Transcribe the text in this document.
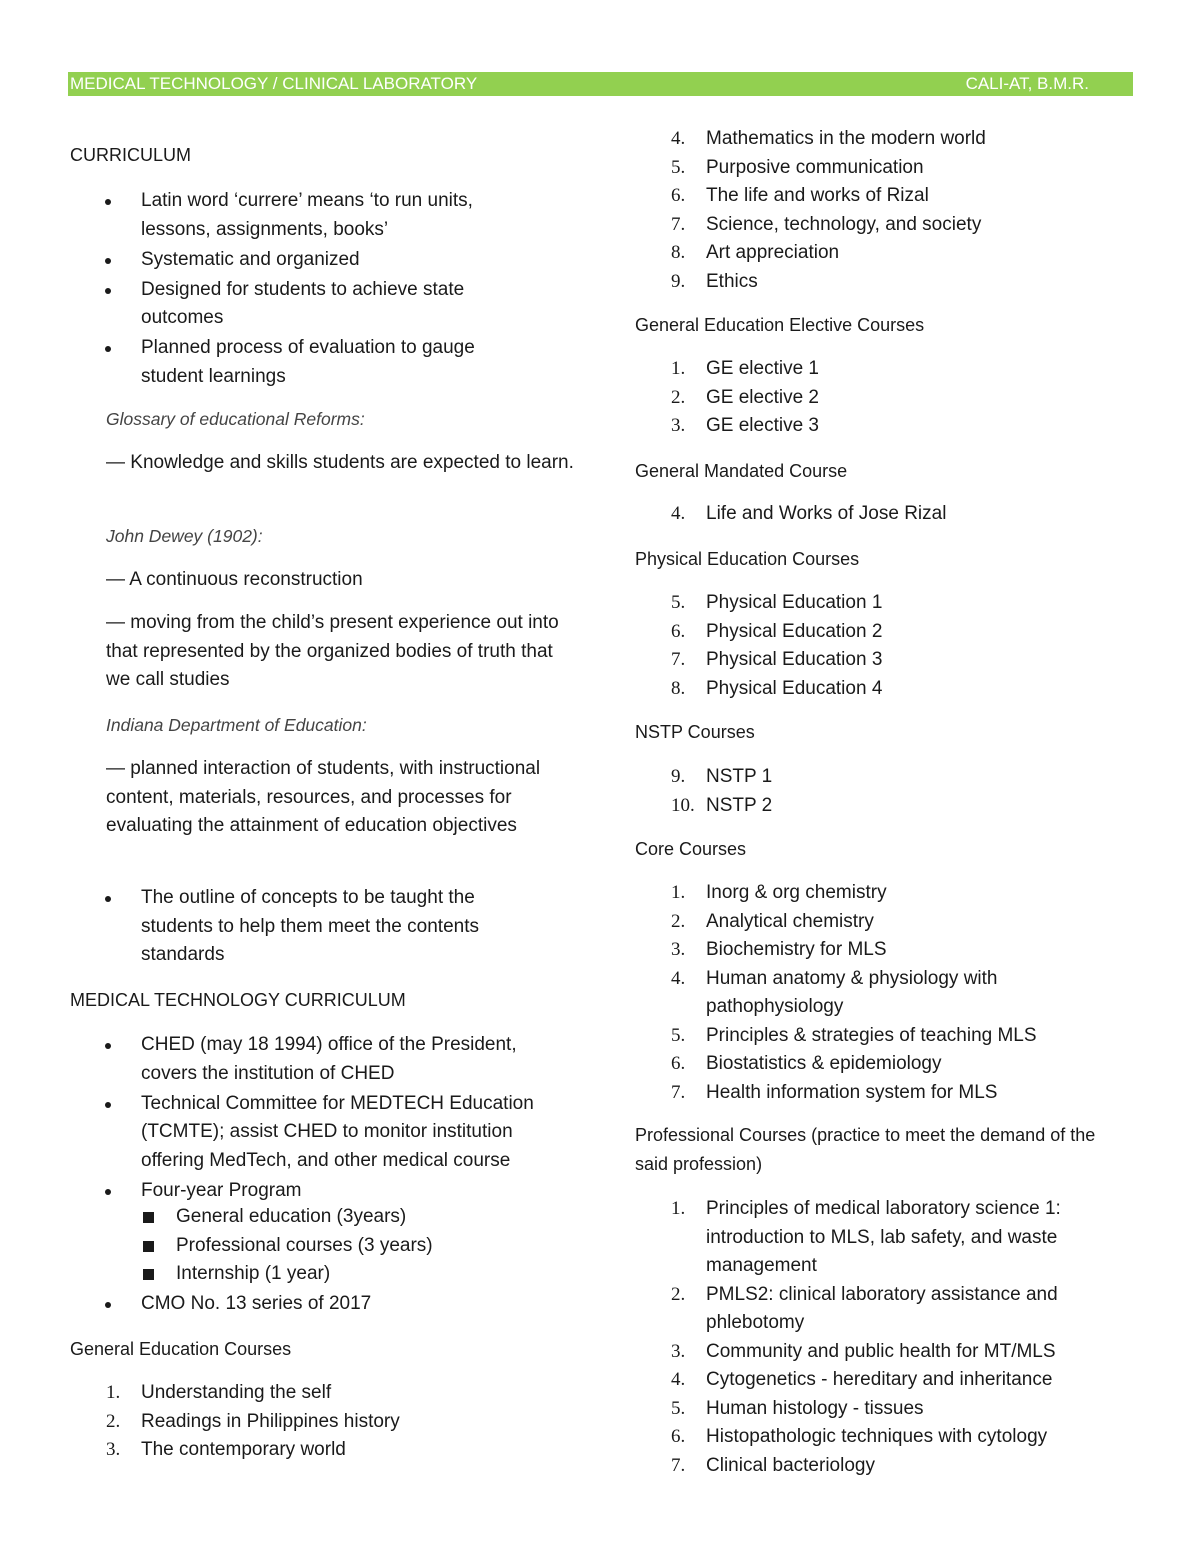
MEDICAL TECHNOLOGY / CLINICAL LABORATORY	CALI-AT, B.M.R.
CURRICULUM
Latin word ‘currere’ means ‘to run units, lessons, assignments, books’
Systematic and organized
Designed for students to achieve state outcomes
Planned process of evaluation to gauge student learnings
Glossary of educational Reforms:
— Knowledge and skills students are expected to learn.
John Dewey (1902):
— A continuous reconstruction
— moving from the child’s present experience out into that represented by the organized bodies of truth that we call studies
Indiana Department of Education:
— planned interaction of students, with instructional content, materials, resources, and processes for evaluating the attainment of education objectives
The outline of concepts to be taught the students to help them meet the contents standards
MEDICAL TECHNOLOGY CURRICULUM
CHED (may 18 1994) office of the President, covers the institution of CHED
Technical Committee for MEDTECH Education (TCMTE); assist CHED to monitor institution offering MedTech, and other medical course
Four-year Program
General education (3years)
Professional courses (3 years)
Internship (1 year)
CMO No. 13 series of 2017
General Education Courses
1. Understanding the self
2. Readings in Philippines history
3. The contemporary world
4. Mathematics in the modern world
5. Purposive communication
6. The life and works of Rizal
7. Science, technology, and society
8. Art appreciation
9. Ethics
General Education Elective Courses
1. GE elective 1
2. GE elective 2
3. GE elective 3
General Mandated Course
4. Life and Works of Jose Rizal
Physical Education Courses
5. Physical Education 1
6. Physical Education 2
7. Physical Education 3
8. Physical Education 4
NSTP Courses
9. NSTP 1
10. NSTP 2
Core Courses
1. Inorg & org chemistry
2. Analytical chemistry
3. Biochemistry for MLS
4. Human anatomy & physiology with pathophysiology
5. Principles & strategies of teaching MLS
6. Biostatistics & epidemiology
7. Health information system for MLS
Professional Courses (practice to meet the demand of the said profession)
1. Principles of medical laboratory science 1: introduction to MLS, lab safety, and waste management
2. PMLS2: clinical laboratory assistance and phlebotomy
3. Community and public health for MT/MLS
4. Cytogenetics - hereditary and inheritance
5. Human histology - tissues
6. Histopathologic techniques with cytology
7. Clinical bacteriology
